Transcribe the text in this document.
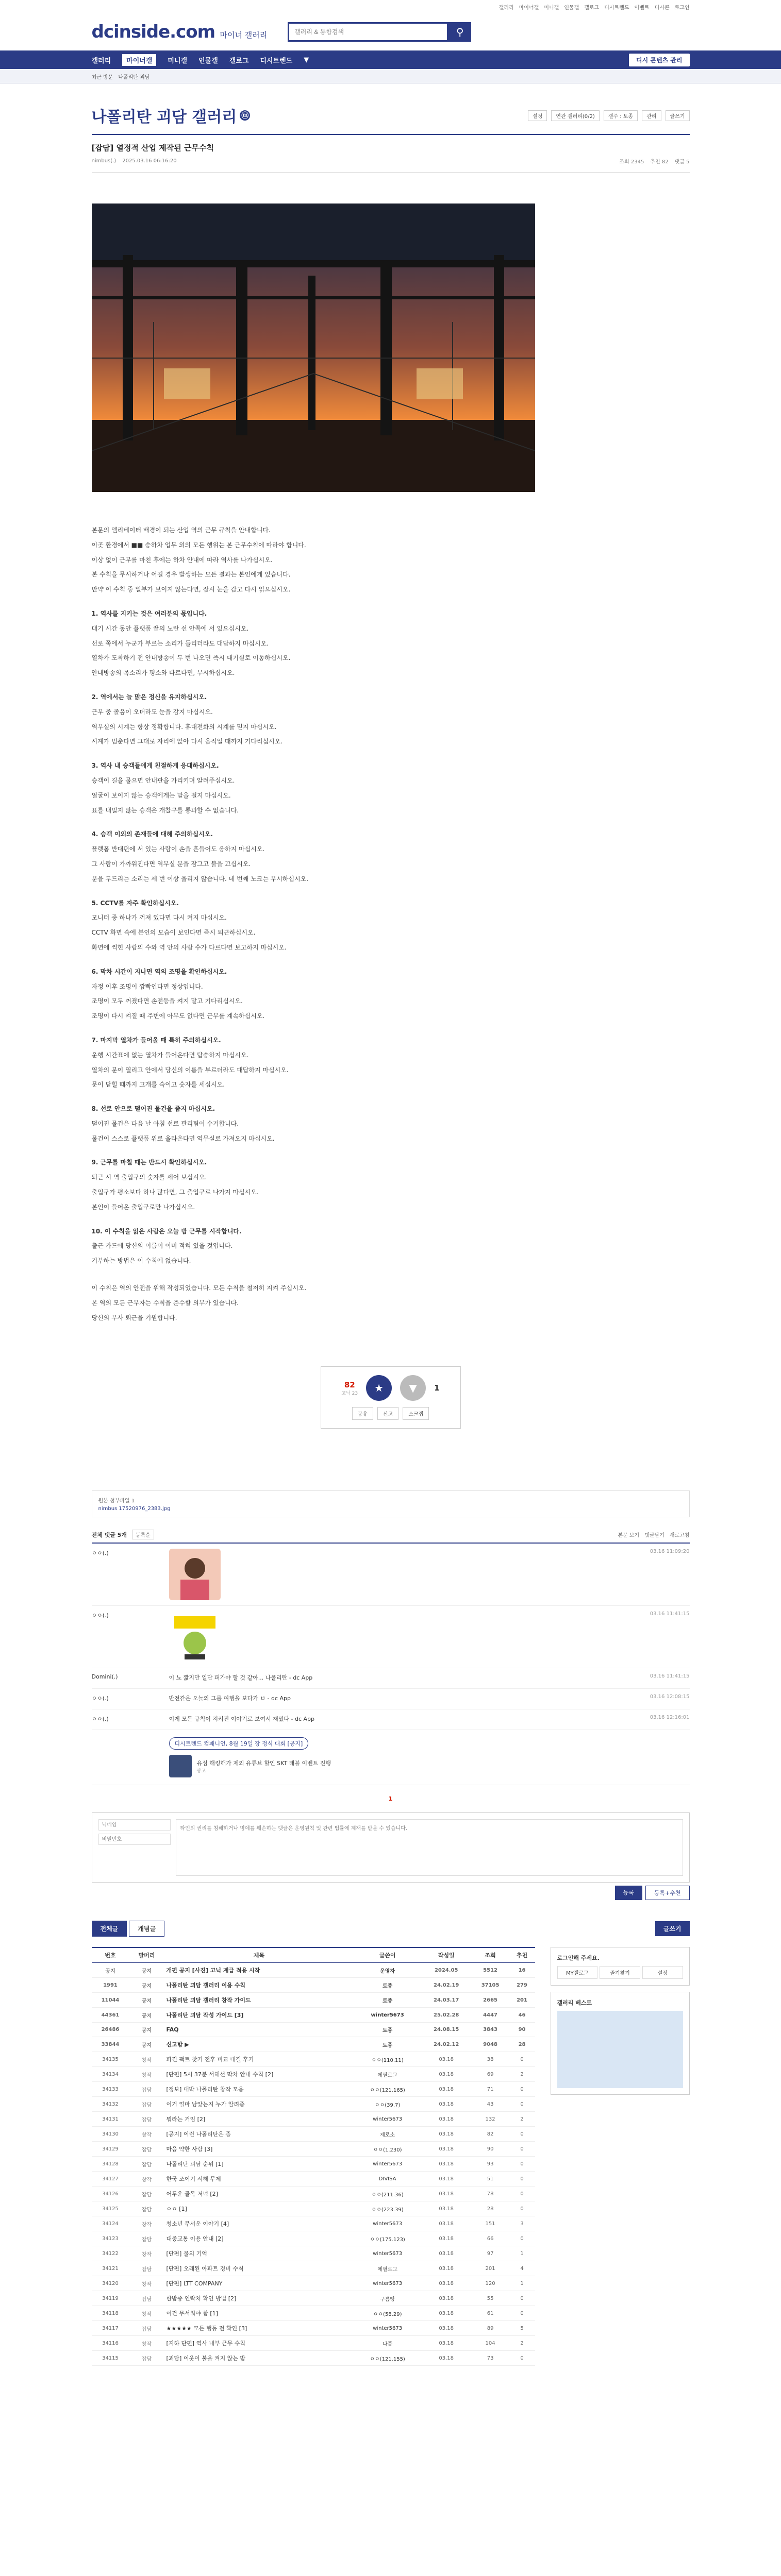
갤러리 마이너갤 미니갤 인물갤 갤로그 디시트렌드 이벤트 디시콘 로그인
dcinside.com 마이너 갤러리
갤러리 & 통합검색	⚲
갤러리	마이너갤	미니갤 인물갤 갤로그 디시트렌드 ▼	디시 콘텐츠 관리
최근 방문 나폴리탄 괴담
나폴리탄 괴담 갤러리 ⓜ	설정	연관 갤러리(0/2)	갤주 : 토종	관리	글쓰기
[잡담] 열정적 산업 제작된 근무수칙
nimbus(.) 2025.03.16 06:16:20	조회 2345 추천 82 댓글 5

본문의 엘리베이터 배경이 되는 산업 역의 근무 규칙을 안내합니다.

이곳 환경에서 ■■ 승하차 업무 외의 모든 행위는 본 근무수칙에 따라야 합니다.

이상 없이 근무를 마친 후에는 하차 안내에 따라 역사를 나가십시오.

본 수칙을 무시하거나 어길 경우 발생하는 모든 결과는 본인에게 있습니다.

만약 이 수칙 중 일부가 보이지 않는다면, 잠시 눈을 감고 다시 읽으십시오.

1. 역사를 지키는 것은 여러분의 몫입니다.

대기 시간 동안 플랫폼 끝의 노란 선 안쪽에 서 있으십시오.

선로 쪽에서 누군가 부르는 소리가 들리더라도 대답하지 마십시오.

열차가 도착하기 전 안내방송이 두 번 나오면 즉시 대기실로 이동하십시오.

안내방송의 목소리가 평소와 다르다면, 무시하십시오.

2. 역에서는 늘 맑은 정신을 유지하십시오.

근무 중 졸음이 오더라도 눈을 감지 마십시오.

역무실의 시계는 항상 정확합니다. 휴대전화의 시계를 믿지 마십시오.

시계가 멈춘다면 그대로 자리에 앉아 다시 움직일 때까지 기다리십시오.

3. 역사 내 승객들에게 친절하게 응대하십시오.

승객이 길을 물으면 안내판을 가리키며 알려주십시오.

얼굴이 보이지 않는 승객에게는 말을 걸지 마십시오.

표를 내밀지 않는 승객은 개찰구를 통과할 수 없습니다.

4. 승객 이외의 존재들에 대해 주의하십시오.

플랫폼 반대편에 서 있는 사람이 손을 흔들어도 응하지 마십시오.

그 사람이 가까워진다면 역무실 문을 잠그고 불을 끄십시오.

문을 두드리는 소리는 세 번 이상 울리지 않습니다. 네 번째 노크는 무시하십시오.

5. CCTV를 자주 확인하십시오.

모니터 중 하나가 꺼져 있다면 다시 켜지 마십시오.

CCTV 화면 속에 본인의 모습이 보인다면 즉시 퇴근하십시오.

화면에 찍힌 사람의 수와 역 안의 사람 수가 다르다면 보고하지 마십시오.

6. 막차 시간이 지나면 역의 조명을 확인하십시오.

자정 이후 조명이 깜빡인다면 정상입니다.

조명이 모두 꺼졌다면 손전등을 켜지 말고 기다리십시오.

조명이 다시 켜질 때 주변에 아무도 없다면 근무를 계속하십시오.

7. 마지막 열차가 들어올 때 특히 주의하십시오.

운행 시간표에 없는 열차가 들어온다면 탑승하지 마십시오.

열차의 문이 열리고 안에서 당신의 이름을 부르더라도 대답하지 마십시오.

문이 닫힐 때까지 고개를 숙이고 숫자를 세십시오.

8. 선로 안으로 떨어진 물건을 줍지 마십시오.

떨어진 물건은 다음 날 아침 선로 관리팀이 수거합니다.

물건이 스스로 플랫폼 위로 올라온다면 역무실로 가져오지 마십시오.

9. 근무를 마칠 때는 반드시 확인하십시오.

퇴근 시 역 출입구의 숫자를 세어 보십시오.

출입구가 평소보다 하나 많다면, 그 출입구로 나가지 마십시오.

본인이 들어온 출입구로만 나가십시오.

10. 이 수칙을 읽은 사람은 오늘 밤 근무를 시작합니다.

출근 카드에 당신의 이름이 이미 적혀 있을 것입니다.

거부하는 방법은 이 수칙에 없습니다.

이 수칙은 역의 안전을 위해 작성되었습니다. 모든 수칙을 철저히 지켜 주십시오.

본 역의 모든 근무자는 수칙을 준수할 의무가 있습니다.

당신의 무사 퇴근을 기원합니다.

82
고닉 23 ★ ▼ 1
공유	신고	스크랩
원본 첨부파일 1
nimbus 17520976_2383.jpg
전체 댓글 5개	등록순	본문 보기 댓글닫기 새로고침
ㅇㅇ(.)	03.16 11:09:20
ㅇㅇ(.)	03.16 11:41:15
Domini(.)	이 뇨 짧지만 일단 퍼가야 할 것 같아... 나폴리탄 - dc App	03.16 11:41:15
ㅇㅇ(.)	반전같은 오늘의 그룹 여행을 보다가 ㅂ - dc App	03.16 12:08:15
ㅇㅇ(.)	이게 모든 규칙이 지켜진 이야기로 보여서 재밌다 - dc App	03.16 12:16:01
디시트렌드 컴패니언, 8월 19일 장 정식 대회 [공지]
유심 해킹해가 제외 유튜브 할인 SKT 태블 이벤트 진행
광고
1
닉네임
비밀번호
타인의 권리를 침해하거나 명예를 훼손하는 댓글은 운영원칙 및 관련 법률에 제재를 받을 수 있습니다.
등록	등록+추천
전체글	개념글	글쓰기
번호	말머리	제목	글쓴이	작성일	조회	추천
공지	공지	개편 공지 [사진] 고닉 계급 적용 시작	운영자	2024.05	5512	16
1991	공지	나폴리탄 괴담 갤러리 이용 수칙	토종	24.02.19	37105	279
11044	공지	나폴리탄 괴담 갤러리 창작 가이드	토종	24.03.17	2665	201
44361	공지	나폴리탄 괴담 작성 가이드 [3]	winter5673	25.02.28	4447	46
26486	공지	FAQ	토종	24.08.15	3843	90
33844	공지	신고함 ▶	토종	24.02.12	9048	28
34135	창작	파견 팩트 찾기 전후 비교 대결 후기	ㅇㅇ(110.11)	03.18	38	0
34134	창작	[단편] 5시 37분 서해선 막차 안내 수칙 [2]	에필로그	03.18	69	2
34133	잡담	[정보] 대박 나폴리탄 창작 모음	ㅇㅇ(121.165)	03.18	71	0
34132	잡담	이거 얼마 남았는지 누가 알려줌	ㅇㅇ(39.7)	03.18	43	0
34131	잡담	뭐라는 거임 [2]	winter5673	03.18	132	2
34130	창작	[공지] 이런 나폴리탄은 좀	제로소	03.18	82	0
34129	잡담	마음 약한 사람 [3]	ㅇㅇ(1.230)	03.18	90	0
34128	잡담	나폴리탄 괴담 순위 [1]	winter5673	03.18	93	0
34127	창작	한국 조이기 서해 무제	DIVISA	03.18	51	0
34126	잡담	어두운 골목 저녁 [2]	ㅇㅇ(211.36)	03.18	78	0
34125	잡담	ㅇㅇ [1]	ㅇㅇ(223.39)	03.18	28	0
34124	창작	청소년 무서운 이야기 [4]	winter5673	03.18	151	3
34123	잡담	대중교통 이용 안내 [2]	ㅇㅇ(175.123)	03.18	66	0
34122	창작	[단편] 물의 기억	winter5673	03.18	97	1
34121	잡담	[단편] 오래된 아파트 경비 수칙	에필로그	03.18	201	4
34120	창작	[단편] LTT COMPANY	winter5673	03.18	120	1
34119	잡담	한밤중 연락처 확인 방법 [2]	구름빵	03.18	55	0
34118	창작	이건 무서워야 함 [1]	ㅇㅇ(58.29)	03.18	61	0
34117	잡담	★★★★★ 모든 행동 전 확인 [3]	winter5673	03.18	89	5
34116	창작	[지하 단편] 역사 내부 근무 수칙	나폴	03.18	104	2
34115	잡담	[괴담] 이웃이 불을 켜지 않는 밤	ㅇㅇ(121.155)	03.18	73	0
로그인해 주세요.
MY갤로그	즐겨찾기	설정
갤러리 베스트
